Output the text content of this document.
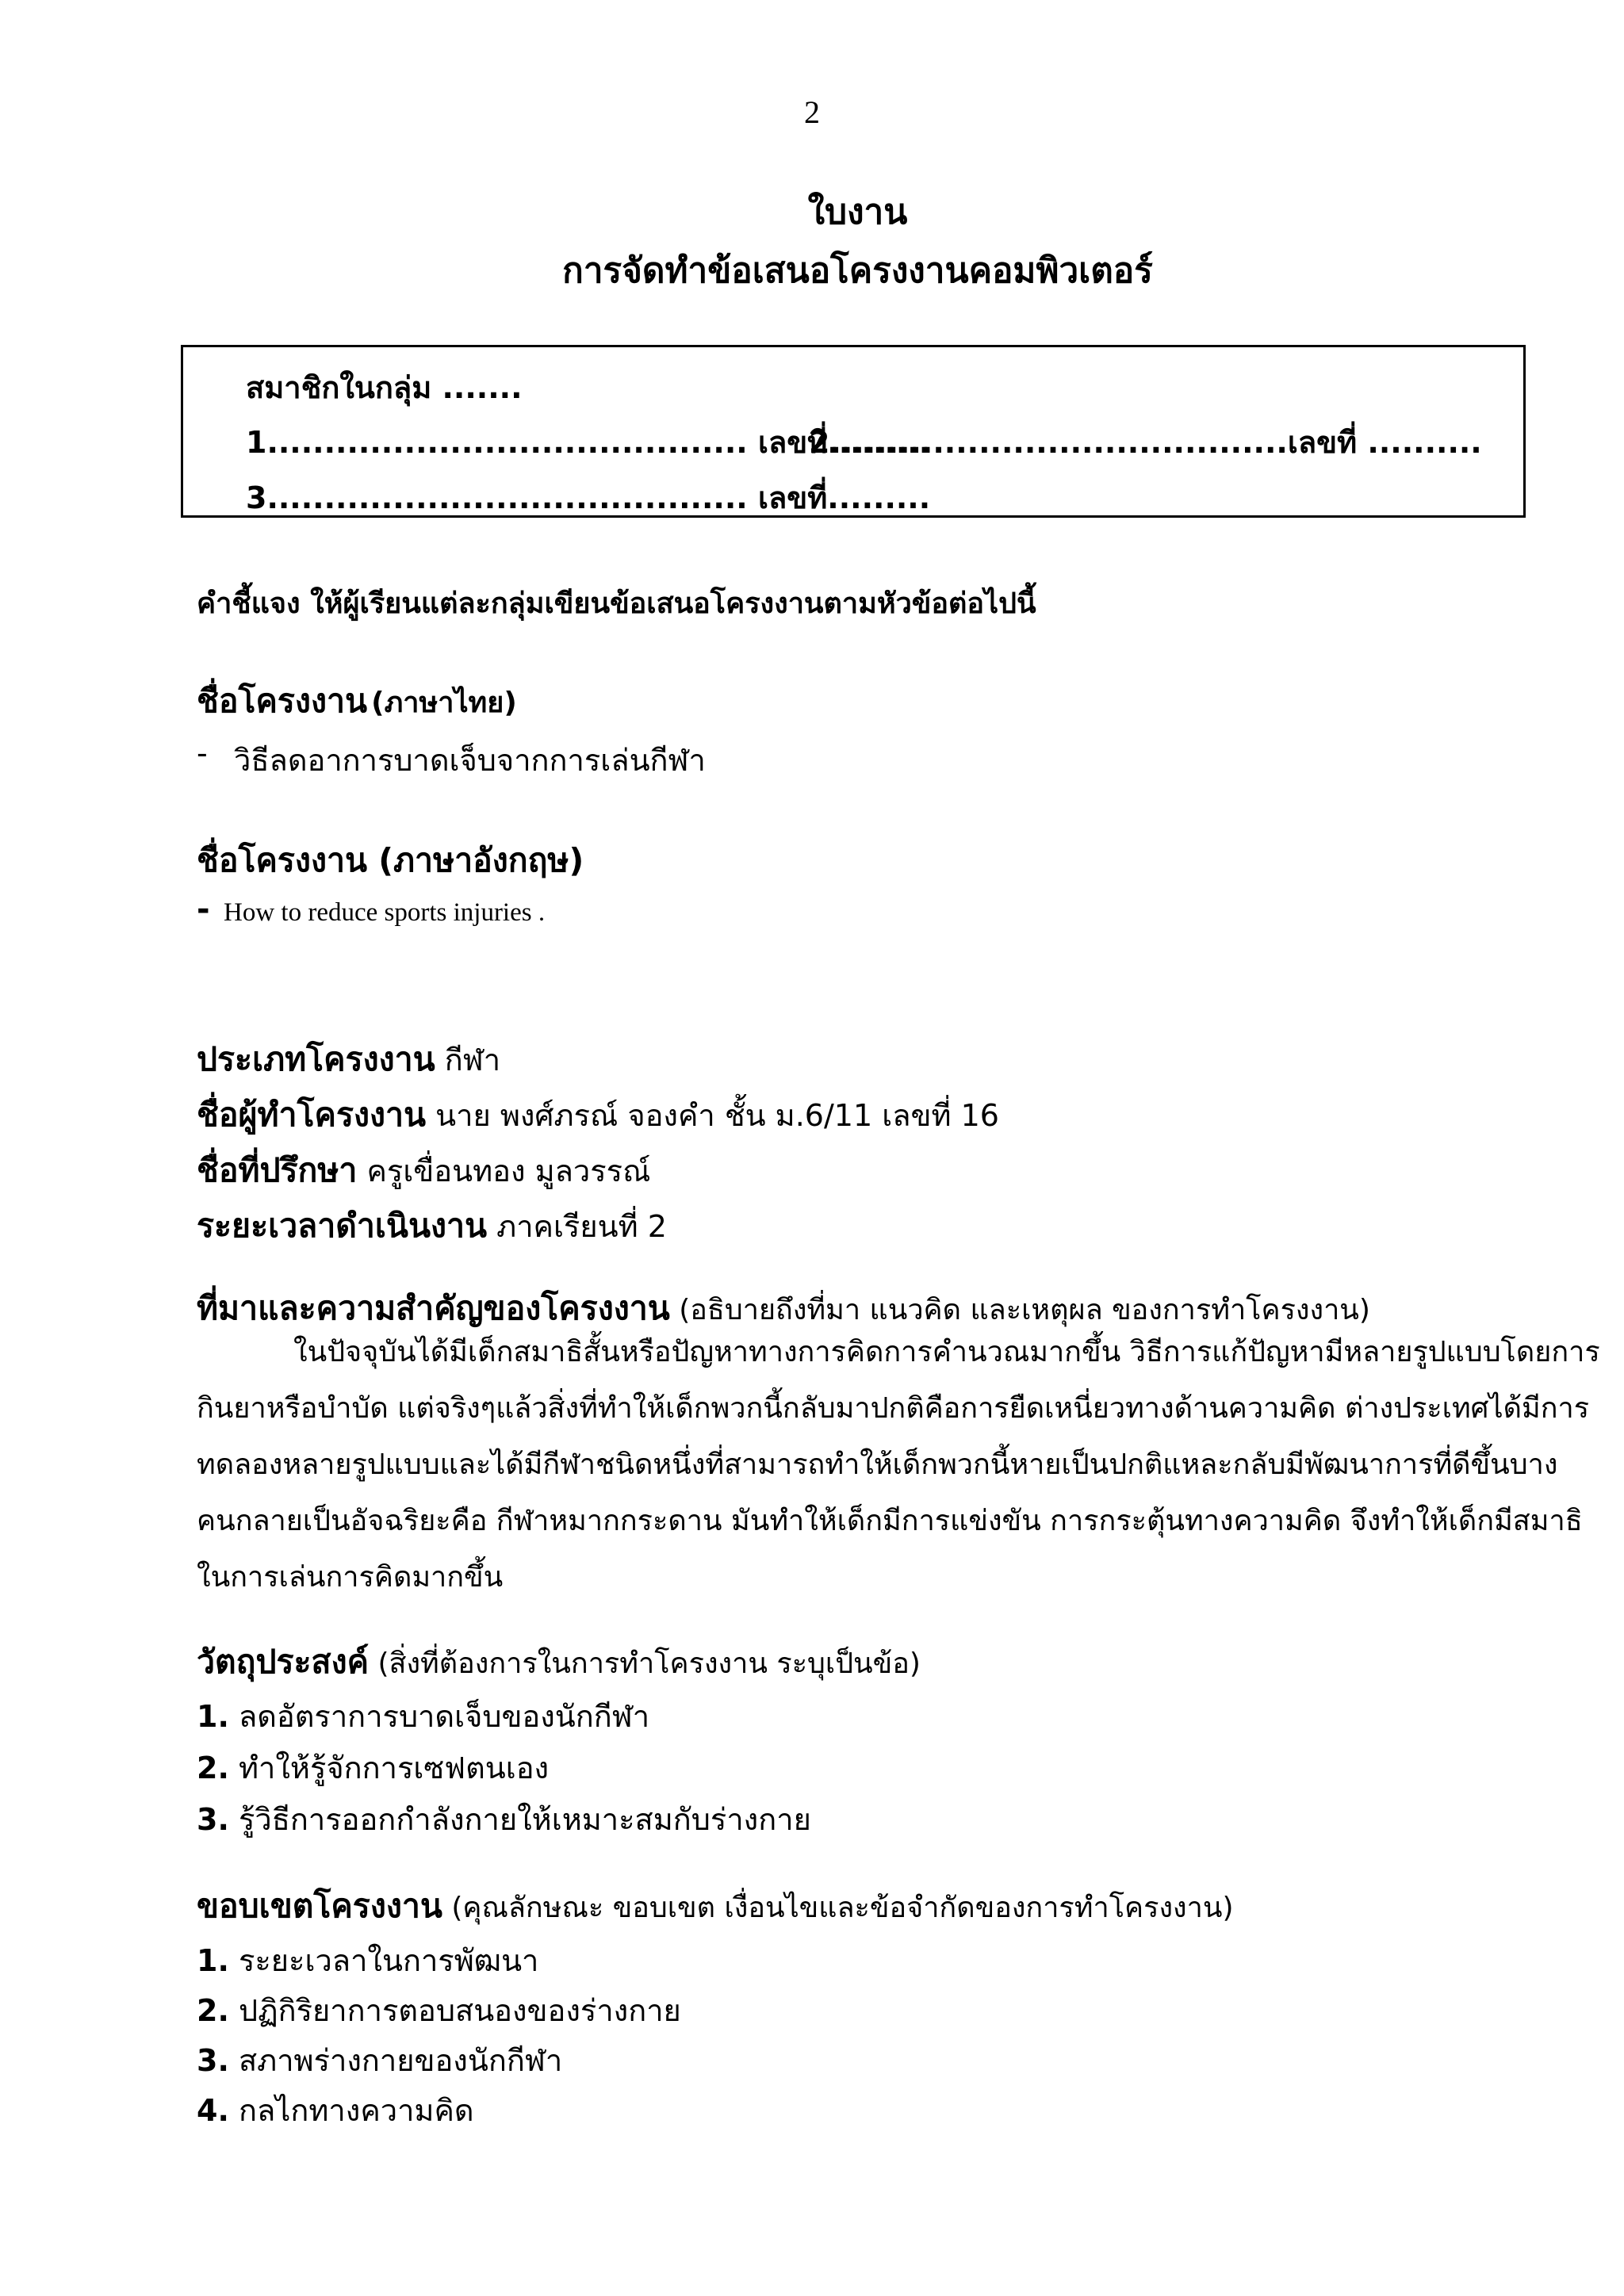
2
ใบงาน
การจัดทำข้อเสนอโครงงานคอมพิวเตอร์
สมาชิกในกลุ่ม .......
1.......................................... เลขที่.........
2........................................เลขที่ ..........
3.......................................... เลขที่.........
คำชี้แจง ให้ผู้เรียนแต่ละกลุ่มเขียนข้อเสนอโครงงานตามหัวข้อต่อไปนี้
ชื่อโครงงาน (ภาษาไทย)
- วิธีลดอาการบาดเจ็บจากการเล่นกีฬา
ชื่อโครงงาน (ภาษาอังกฤษ)
- How to reduce sports injuries .
ประเภทโครงงาน กีฬา
ชื่อผู้ทำโครงงาน นาย พงศ์ภรณ์ จองคำ ชั้น ม.6/11 เลขที่ 16
ชื่อที่ปรึกษา ครูเขื่อนทอง มูลวรรณ์
ระยะเวลาดำเนินงาน ภาคเรียนที่ 2
ที่มาและความสำคัญของโครงงาน (อธิบายถึงที่มา แนวคิด และเหตุผล ของการทำโครงงาน)
ในปัจจุบันได้มีเด็กสมาธิสั้นหรือปัญหาทางการคิดการคำนวณมากขึ้น วิธีการแก้ปัญหามีหลายรูปแบบโดยการ
กินยาหรือบำบัด แต่จริงๆแล้วสิ่งที่ทำให้เด็กพวกนี้กลับมาปกติคือการยืดเหนี่ยวทางด้านความคิด ต่างประเทศได้มีการ
ทดลองหลายรูปแบบและได้มีกีฬาชนิดหนึ่งที่สามารถทำให้เด็กพวกนี้หายเป็นปกติแหละกลับมีพัฒนาการที่ดีขึ้นบาง
คนกลายเป็นอัจฉริยะคือ กีฬาหมากกระดาน มันทำให้เด็กมีการแข่งขัน การกระตุ้นทางความคิด จึงทำให้เด็กมีสมาธิ
ในการเล่นการคิดมากขึ้น
วัตถุประสงค์ (สิ่งที่ต้องการในการทำโครงงาน ระบุเป็นข้อ)
1. ลดอัตราการบาดเจ็บของนักกีฬา
2. ทำให้รู้จักการเซฟตนเอง
3. รู้วิธีการออกกำลังกายให้เหมาะสมกับร่างกาย
ขอบเขตโครงงาน (คุณลักษณะ ขอบเขต เงื่อนไขและข้อจำกัดของการทำโครงงาน)
1. ระยะเวลาในการพัฒนา
2. ปฏิกิริยาการตอบสนองของร่างกาย
3. สภาพร่างกายของนักกีฬา
4. กลไกทางความคิด
